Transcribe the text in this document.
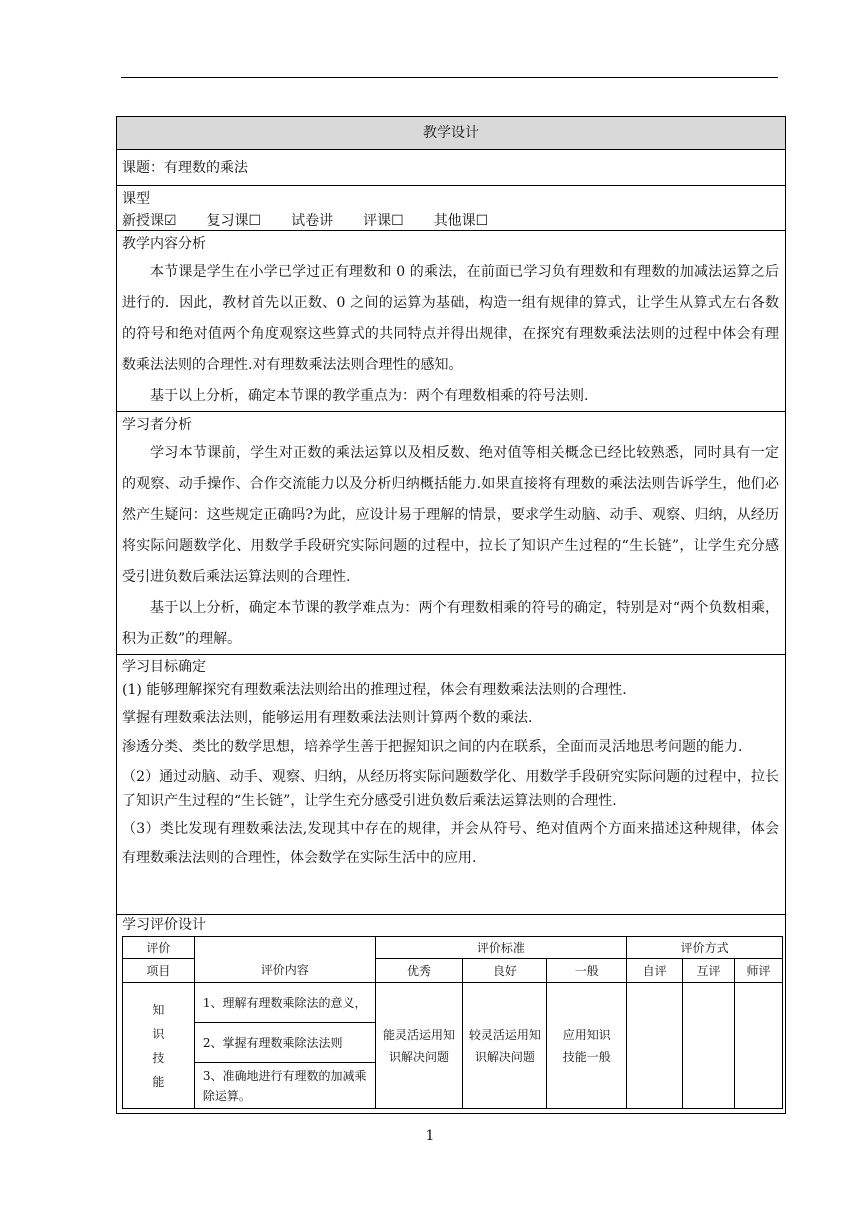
教学设计
课题：有理数的乘法
课型
新授课☑ 复习课☐ 试卷讲 评课☐ 其他课☐
教学内容分析

本节课是学生在小学已学过正有理数和 0 的乘法，在前面已学习负有理数和有理数的加减法运算之后进行的．因此，教材首先以正数、0 之间的运算为基础，构造一组有规律的算式，让学生从算式左右各数的符号和绝对值两个角度观察这些算式的共同特点并得出规律，在探究有理数乘法法则的过程中体会有理数乘法法则的合理性.对有理数乘法法则合理性的感知。

基于以上分析，确定本节课的教学重点为：两个有理数相乘的符号法则.

学习者分析

学习本节课前，学生对正数的乘法运算以及相反数、绝对值等相关概念已经比较熟悉，同时具有一定的观察、动手操作、合作交流能力以及分析归纳概括能力.如果直接将有理数的乘法法则告诉学生，他们必然产生疑问：这些规定正确吗?为此，应设计易于理解的情景，要求学生动脑、动手、观察、归纳，从经历将实际问题数学化、用数学手段研究实际问题的过程中，拉长了知识产生过程的“生长链”，让学生充分感受引进负数后乘法运算法则的合理性.

基于以上分析，确定本节课的教学难点为：两个有理数相乘的符号的确定，特别是对“两个负数相乘，积为正数”的理解。

学习目标确定

(1) 能够理解探究有理数乘法法则给出的推理过程，体会有理数乘法法则的合理性.

掌握有理数乘法法则，能够运用有理数乘法法则计算两个数的乘法.

渗透分类、类比的数学思想，培养学生善于把握知识之间的内在联系，全面而灵活地思考问题的能力.

（2）通过动脑、动手、观察、归纳，从经历将实际问题数学化、用数学手段研究实际问题的过程中，拉长了知识产生过程的“生长链”，让学生充分感受引进负数后乘法运算法则的合理性.

（3）类比发现有理数乘法法,发现其中存在的规律，并会从符号、绝对值两个方面来描述这种规律，体会有理数乘法法则的合理性，体会数学在实际生活中的应用.

学习评价设计
评价	评价内容	评价标准			评价方式		
项目		优秀	良好	一般	自评	互评	师评

知
识
技
能	1、理解有理数乘除法的意义，	能灵活运用知识解决问题	较灵活运用知识解决问题	应用知识技能一般			
	2、掌握有理数乘除法法则						
	3、准确地进行有理数的加减乘除运算。						
1
